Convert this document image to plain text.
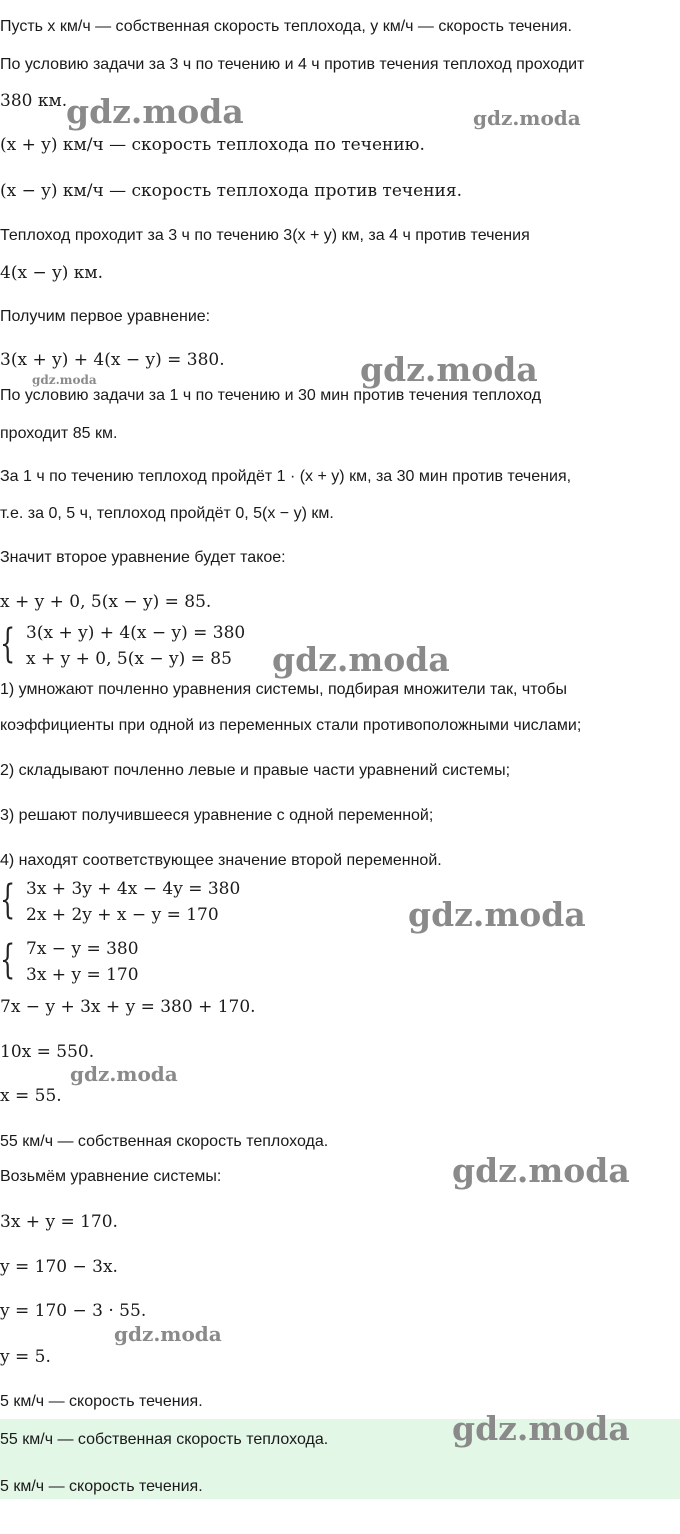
Пусть x км/ч — собственная скорость теплохода, y км/ч — скорость течения.
По условию задачи за 3 ч по течению и 4 ч против течения теплоход проходит
380 км.
(x + y) км/ч — скорость теплохода по течению.
(x − y) км/ч — скорость теплохода против течения.
Теплоход проходит за 3 ч по течению 3(x + y) км, за 4 ч против течения
4(x − y) км.
Получим первое уравнение:
3(x + y) + 4(x − y) = 380.
По условию задачи за 1 ч по течению и 30 мин против течения теплоход
проходит 85 км.
За 1 ч по течению теплоход пройдёт 1 · (x + y) км, за 30 мин против течения,
т.е. за 0, 5 ч, теплоход пройдёт 0, 5(x − y) км.
Значит второе уравнение будет такое:
x + y + 0, 5(x − y) = 85.
{ 3(x + y) + 4(x − y) = 380
x + y + 0, 5(x − y) = 85
1) умножают почленно уравнения системы, подбирая множители так, чтобы
коэффициенты при одной из переменных стали противоположными числами;
2) складывают почленно левые и правые части уравнений системы;
3) решают получившееся уравнение с одной переменной;
4) находят соответствующее значение второй переменной.
{ 3x + 3y + 4x − 4y = 380
2x + 2y + x − y = 170
{ 7x − y = 380
3x + y = 170
7x − y + 3x + y = 380 + 170.
10x = 550.
x = 55.
55 км/ч — собственная скорость теплохода.
Возьмём уравнение системы:
3x + y = 170.
y = 170 − 3x.
y = 170 − 3 · 55.
y = 5.
5 км/ч — скорость течения.
55 км/ч — собственная скорость теплохода.
5 км/ч — скорость течения.
gdz.moda	gdz.moda
gdz.moda
gdz.moda
gdz.moda
gdz.moda
gdz.moda
gdz.moda
gdz.moda
gdz.moda
